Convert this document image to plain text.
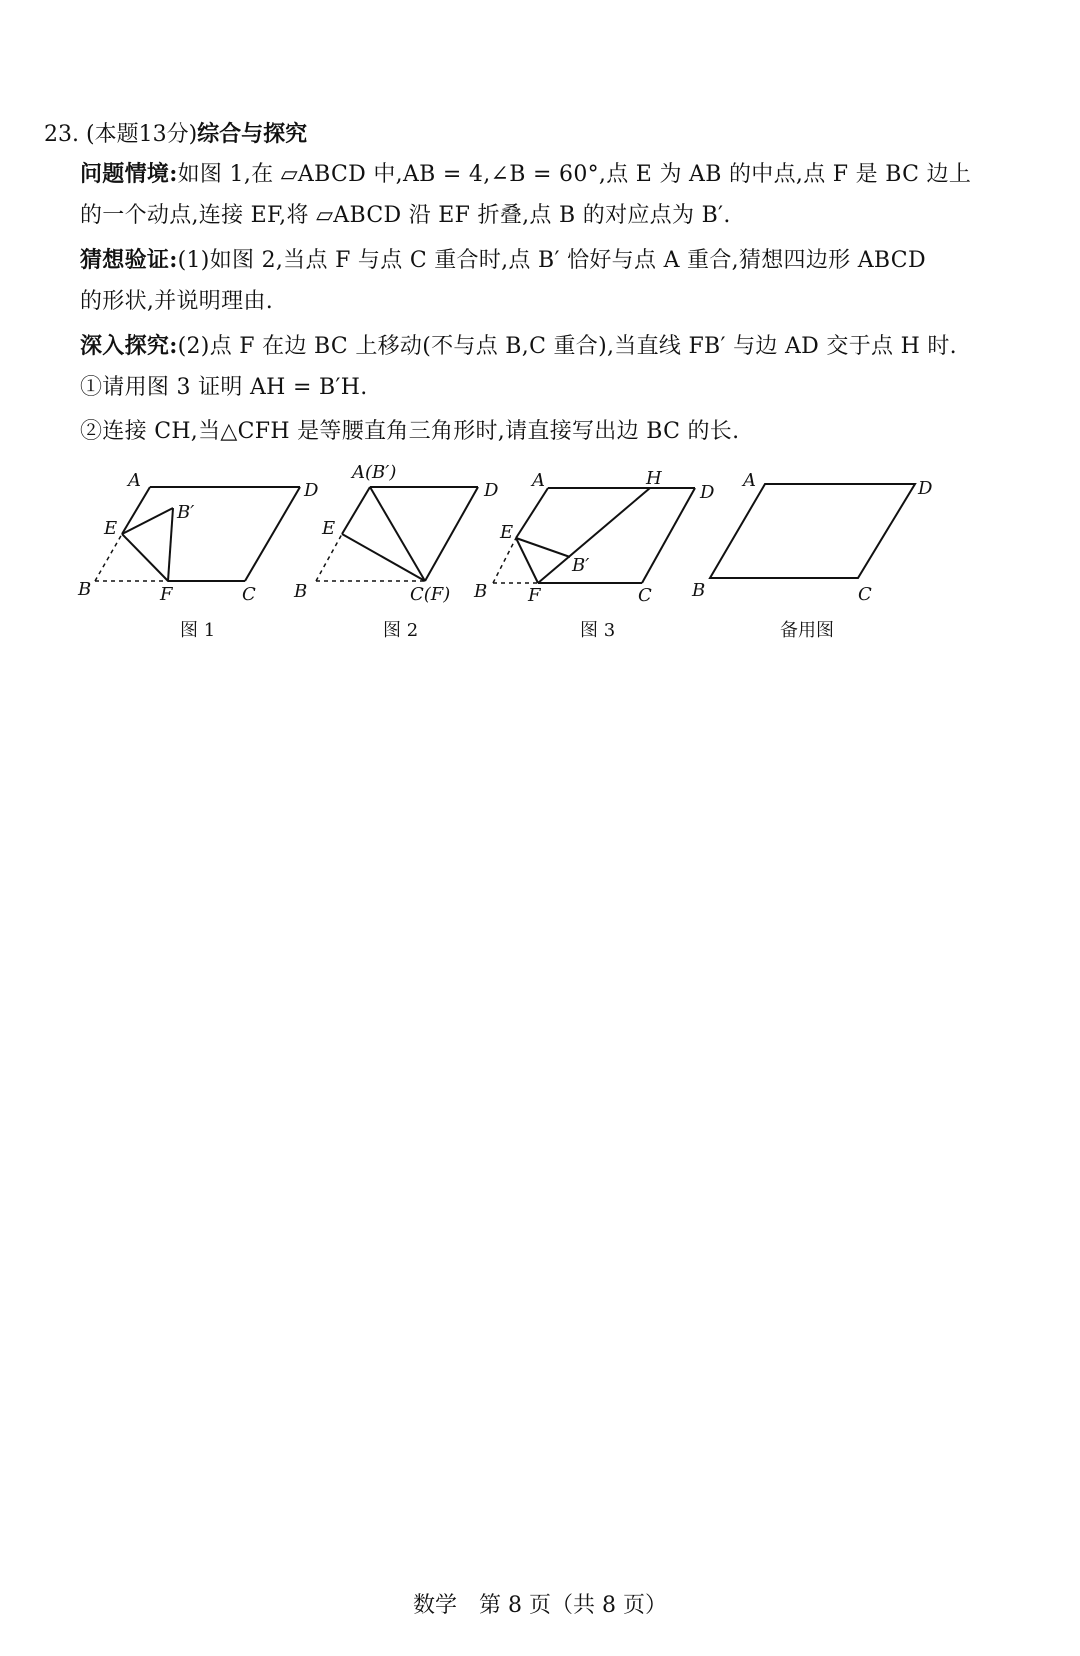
23. (本题13分)综合与探究
问题情境:如图 1,在 ▱ABCD 中,AB = 4,∠B = 60°,点 E 为 AB 的中点,点 F 是 BC 边上
的一个动点,连接 EF,将 ▱ABCD 沿 EF 折叠,点 B 的对应点为 B′.
猜想验证:(1)如图 2,当点 F 与点 C 重合时,点 B′ 恰好与点 A 重合,猜想四边形 ABCD
的形状,并说明理由.
深入探究:(2)点 F 在边 BC 上移动(不与点 B,C 重合),当直线 FB′ 与边 AD 交于点 H 时.
①请用图 3 证明 AH = B′H.
②连接 CH,当△CFH 是等腰直角三角形时,请直接写出边 BC 的长.
A	D
E
B′
B	F	C
A(B′)
D
E
B	C(F)
A	H
D
E
B′
B F	C
A	D
B	C
图 1	图 2	图 3	备用图
数学　第 8 页（共 8 页）
